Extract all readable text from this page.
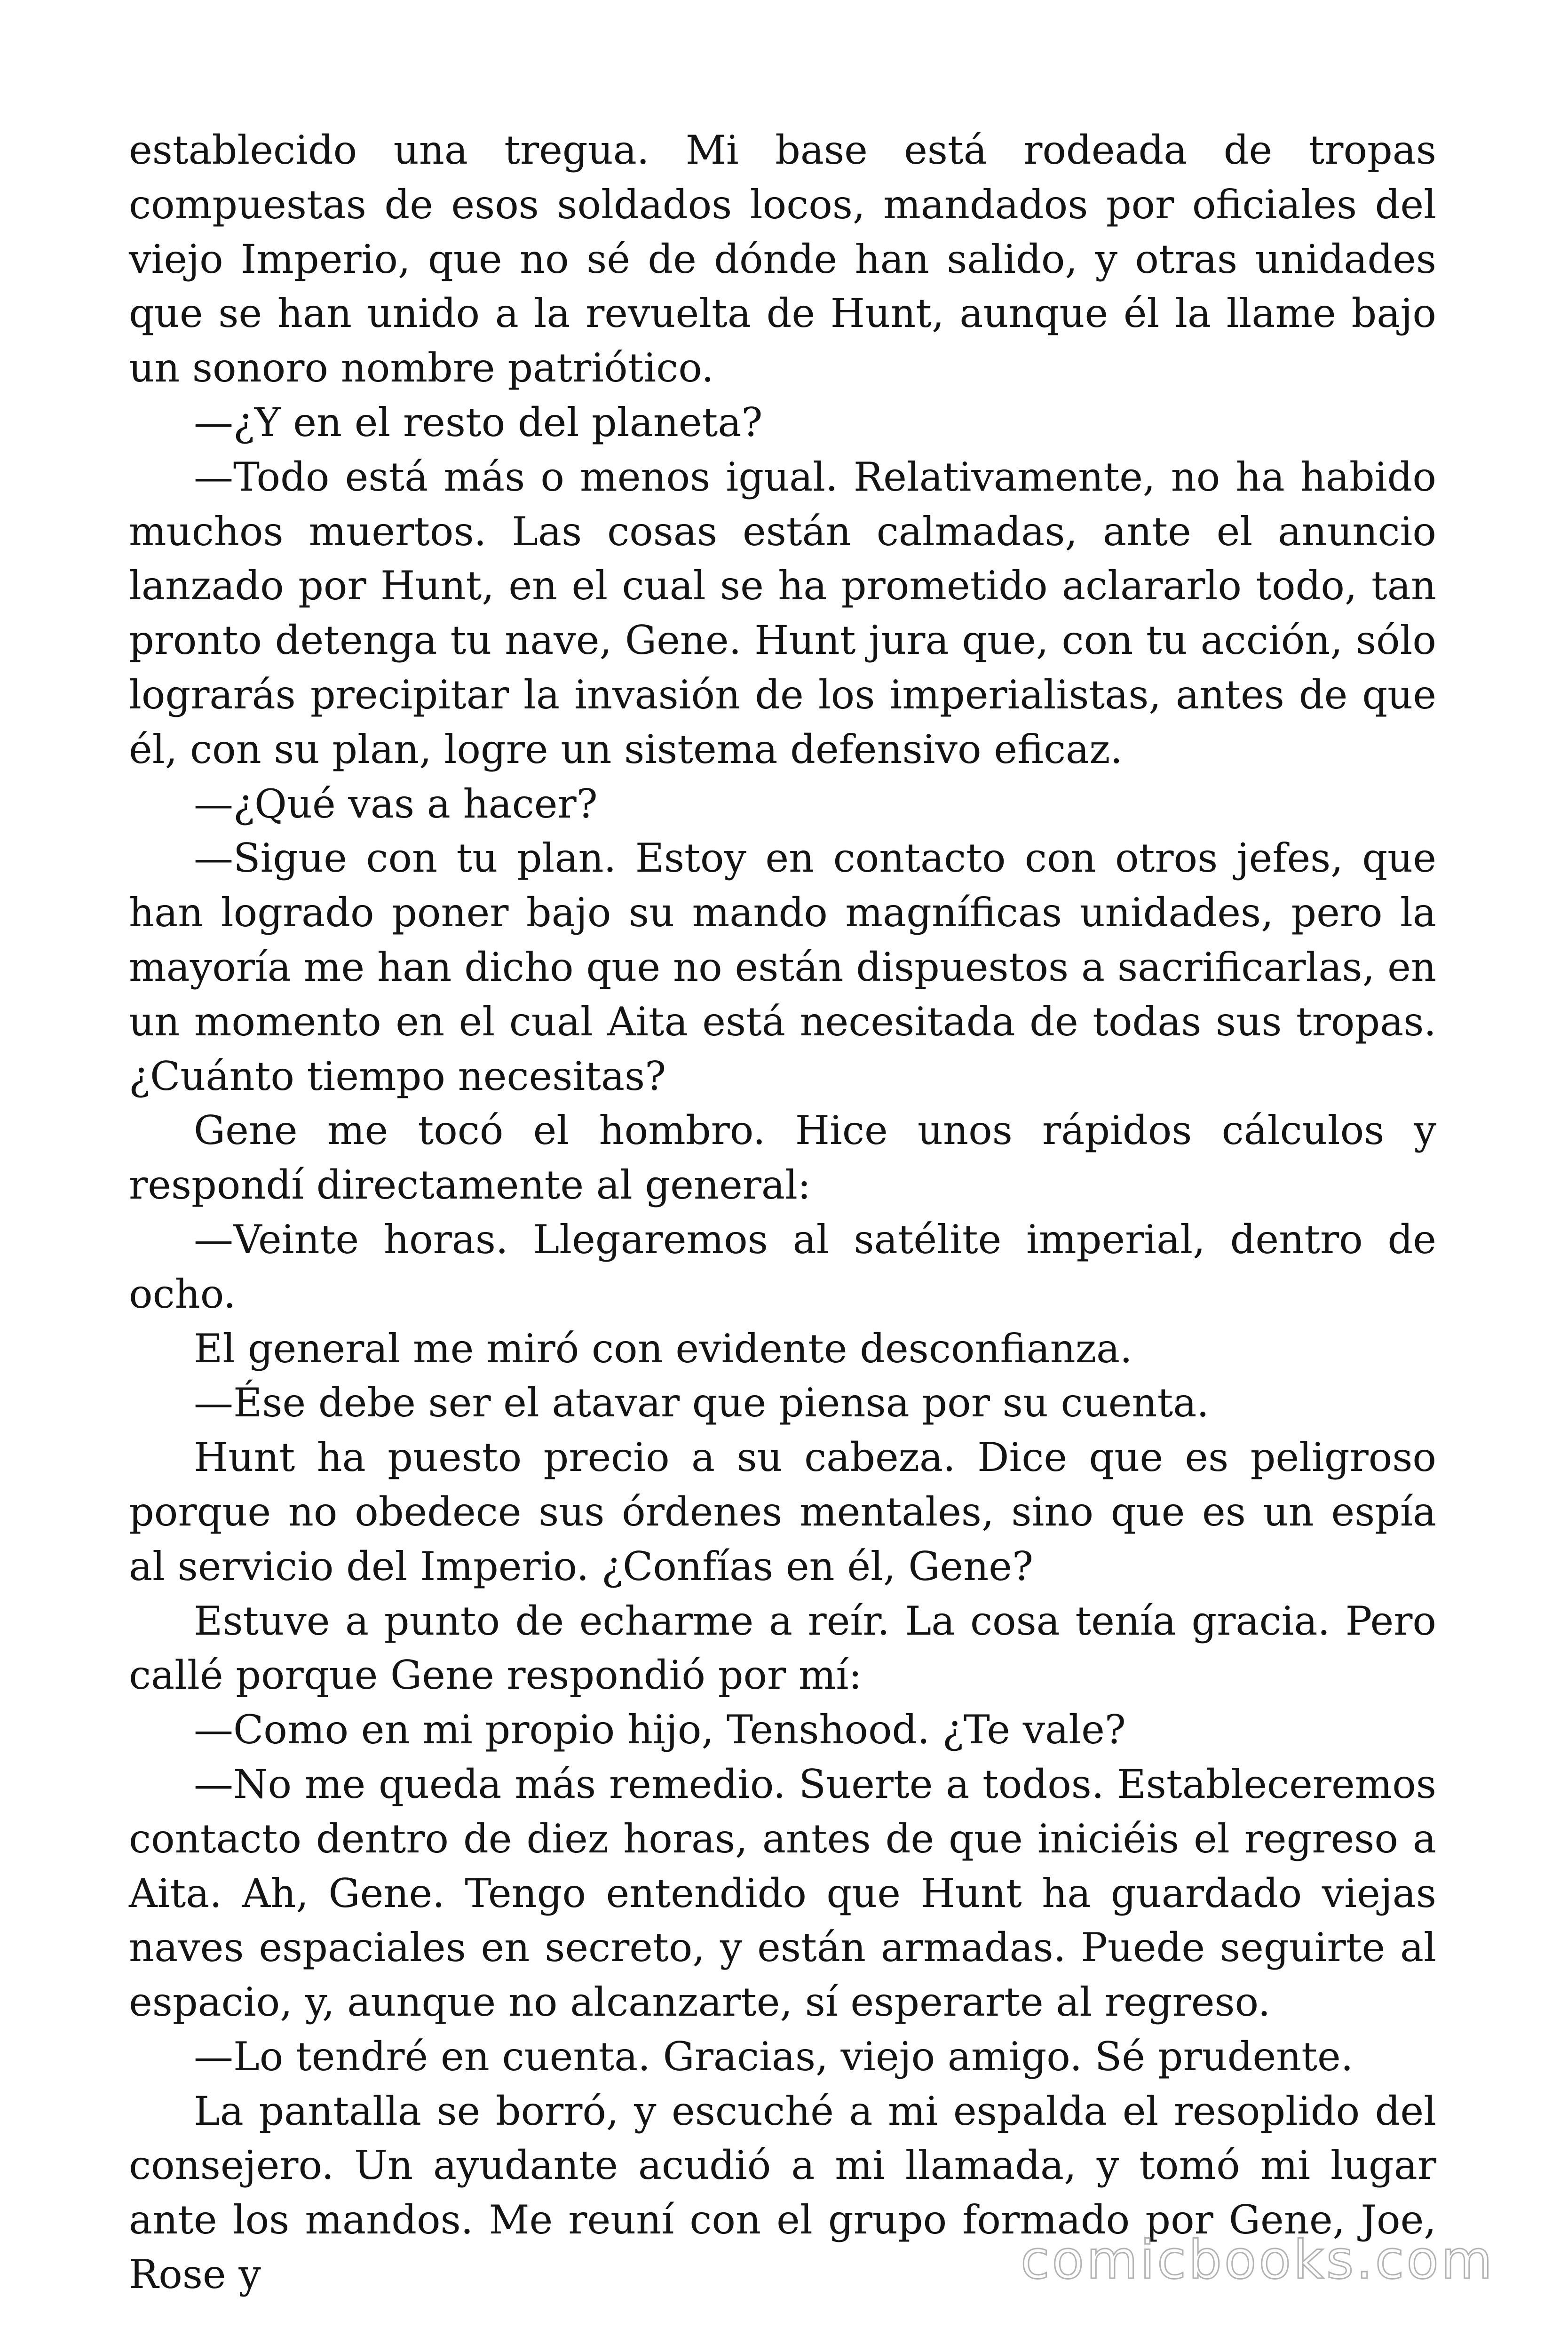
establecido una tregua. Mi base está rodeada de tropas compuestas de esos soldados locos, mandados por oficiales del viejo Imperio, que no sé de dónde han salido, y otras unidades que se han unido a la revuelta de Hunt, aunque él la llame bajo un sonoro nombre patriótico.

—¿Y en el resto del planeta?

—Todo está más o menos igual. Relativamente, no ha habido muchos muertos. Las cosas están calmadas, ante el anuncio lanzado por Hunt, en el cual se ha prometido aclararlo todo, tan pronto detenga tu nave, Gene. Hunt jura que, con tu acción, sólo lograrás precipitar la invasión de los imperialistas, antes de que él, con su plan, logre un sistema defensivo eficaz.

—¿Qué vas a hacer?

—Sigue con tu plan. Estoy en contacto con otros jefes, que han logrado poner bajo su mando magníficas unidades, pero la mayoría me han dicho que no están dispuestos a sacrificarlas, en un momento en el cual Aita está necesitada de todas sus tropas. ¿Cuánto tiempo necesitas?

Gene me tocó el hombro. Hice unos rápidos cálculos y respondí directamente al general:

—Veinte horas. Llegaremos al satélite imperial, dentro de ocho.

El general me miró con evidente desconfianza.

—Ése debe ser el atavar que piensa por su cuenta.

Hunt ha puesto precio a su cabeza. Dice que es peligroso porque no obedece sus órdenes mentales, sino que es un espía al servicio del Imperio. ¿Confías en él, Gene?

Estuve a punto de echarme a reír. La cosa tenía gracia. Pero callé porque Gene respondió por mí:

—Como en mi propio hijo, Tenshood. ¿Te vale?

—No me queda más remedio. Suerte a todos. Estableceremos contacto dentro de diez horas, antes de que iniciéis el regreso a Aita. Ah, Gene. Tengo entendido que Hunt ha guardado viejas naves espaciales en secreto, y están armadas. Puede seguirte al espacio, y, aunque no alcanzarte, sí esperarte al regreso.

—Lo tendré en cuenta. Gracias, viejo amigo. Sé prudente.

La pantalla se borró, y escuché a mi espalda el resoplido del consejero. Un ayudante acudió a mi llamada, y tomó mi lugar ante los mandos. Me reuní con el grupo formado por Gene, Joe, Rose y	comicbooks.com
